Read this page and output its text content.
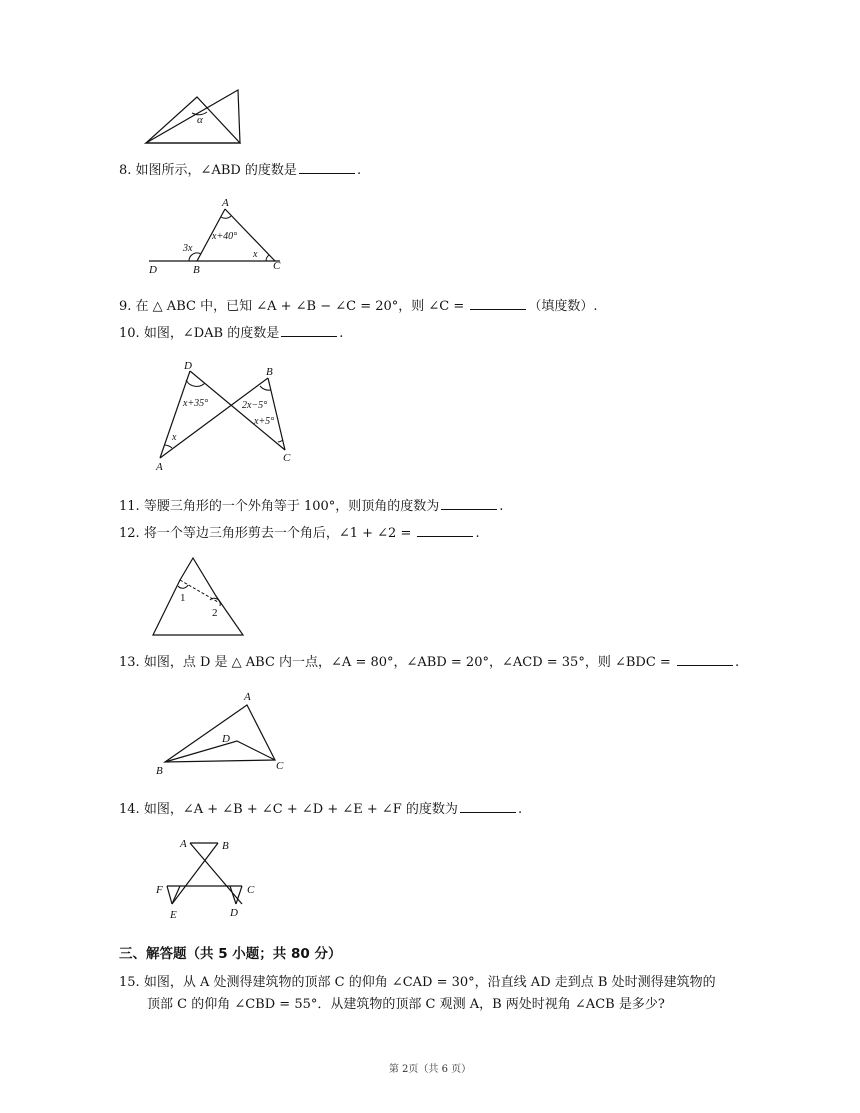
α
8. 如图所示，∠ABD 的度数是	.
A
B	C
D
x+40°
3x
x
9. 在 △ ABC 中，已知 ∠A + ∠B − ∠C = 20°，则 ∠C =	（填度数）.
10. 如图，∠DAB 的度数是	.
D	B
A
C
x+35°	2x−5°
x+5°
x
11. 等腰三角形的一个外角等于 100°，则顶角的度数为	.
12. 将一个等边三角形剪去一个角后，∠1 + ∠2 =	.
1
2
13. 如图，点 D 是 △ ABC 内一点，∠A = 80°，∠ABD = 20°，∠ACD = 35°，则 ∠BDC =	.
A
B	C
D
14. 如图，∠A + ∠B + ∠C + ∠D + ∠E + ∠F 的度数为	.
A	B
C
D
E
F
三、解答题（共 5 小题；共 80 分）
15. 如图，从 A 处测得建筑物的顶部 C 的仰角 ∠CAD = 30°，沿直线 AD 走到点 B 处时测得建筑物的
顶部 C 的仰角 ∠CBD = 55°．从建筑物的顶部 C 观测 A，B 两处时视角 ∠ACB 是多少?
第 2页（共 6 页）
